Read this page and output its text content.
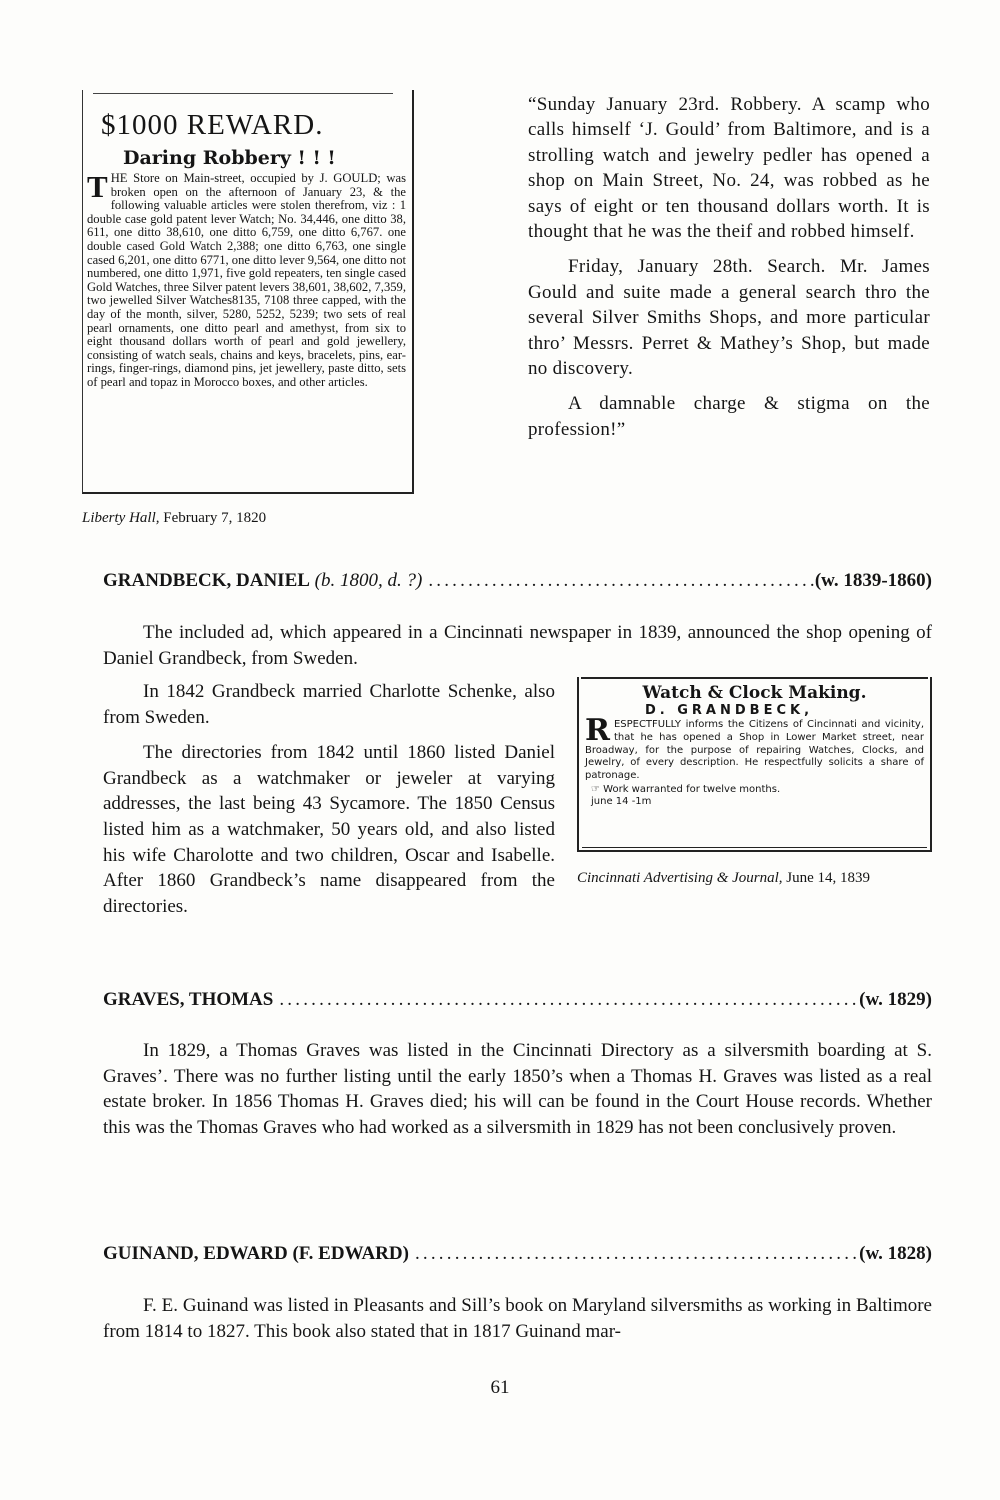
$1000 REWARD.
Daring Robbery ! ! !
THE Store on Main-street, occupied by J. GOULD; was broken open on the afternoon of January 23, & the following valuable articles were stolen therefrom, viz : 1 double case gold patent lever Watch; No. 34,446, one ditto 38, 611, one ditto 38,610, one ditto 6,759, one ditto 6,767. one double cased Gold Watch 2,388; one ditto 6,763, one single cased 6,201, one ditto 6771, one ditto lever 9,564, one ditto not numbered, one ditto 1,971, five gold repeaters, ten single cased Gold Watches, three Silver patent levers 38,601, 38,602, 7,359, two jewelled Silver Watches8135, 7108 three capped, with the day of the month, silver, 5280, 5252, 5239; two sets of real pearl ornaments, one ditto pearl and amethyst, from six to eight thousand dollars worth of pearl and gold jewellery, consisting of watch seals, chains and keys, bracelets, pins, ear-rings, finger-rings, diamond pins, jet jewellery, paste ditto, sets of pearl and topaz in Morocco boxes, and other articles.
Liberty Hall, February 7, 1820

“Sunday January 23rd. Robbery. A scamp who calls himself ‘J. Gould’ from Baltimore, and is a strolling watch and jewelry pedler has opened a shop on Main Street, No. 24, was robbed as he says of eight or ten thousand dollars worth. It is thought that he was the theif and robbed himself.

Friday, January 28th. Search. Mr. James Gould and suite made a general search thro the several Silver Smiths Shops, and more particular thro’ Messrs. Perret & Mathey’s Shop, but made no discovery.

A damnable charge & stigma on the profession!”

GRANDBECK, DANIEL
(b. 1800, d. ?) .....	(w. 1839-1860)

The included ad, which appeared in a Cincinnati newspaper in 1839, announced the shop opening of Daniel Grandbeck, from Sweden.

In 1842 Grandbeck married Charlotte Schenke, also from Sweden.

The directories from 1842 until 1860 listed Daniel Grandbeck as a watchmaker or jeweler at varying addresses, the last being 43 Sycamore. The 1850 Census listed him as a watchmaker, 50 years old, and also listed his wife Charolotte and two children, Oscar and Isabelle. After 1860 Grandbeck’s name disappeared from the directories.

Watch & Clock Making.
D. GRANDBECK,
RESPECTFULLY informs the Citizens of Cincinnati and vicinity, that he has opened a Shop in Lower Market street, near Broadway, for the purpose of repairing Watches, Clocks, and Jewelry, of every description. He respectfully solicits a share of patronage.
☞ Work warranted for twelve months.
june 14 -1m
Cincinnati Advertising & Journal, June 14, 1839
GRAVES, THOMAS .....	(w. 1829)

In 1829, a Thomas Graves was listed in the Cincinnati Directory as a silversmith boarding at S. Graves’. There was no further listing until the early 1850’s when a Thomas H. Graves was listed as a real estate broker. In 1856 Thomas H. Graves died; his will can be found in the Court House records. Whether this was the Thomas Graves who had worked as a silversmith in 1829 has not been conclusively proven.

GUINAND, EDWARD (F. EDWARD) .....	(w. 1828)

F. E. Guinand was listed in Pleasants and Sill’s book on Maryland silversmiths as working in Baltimore from 1814 to 1827. This book also stated that in 1817 Guinand mar-

61
